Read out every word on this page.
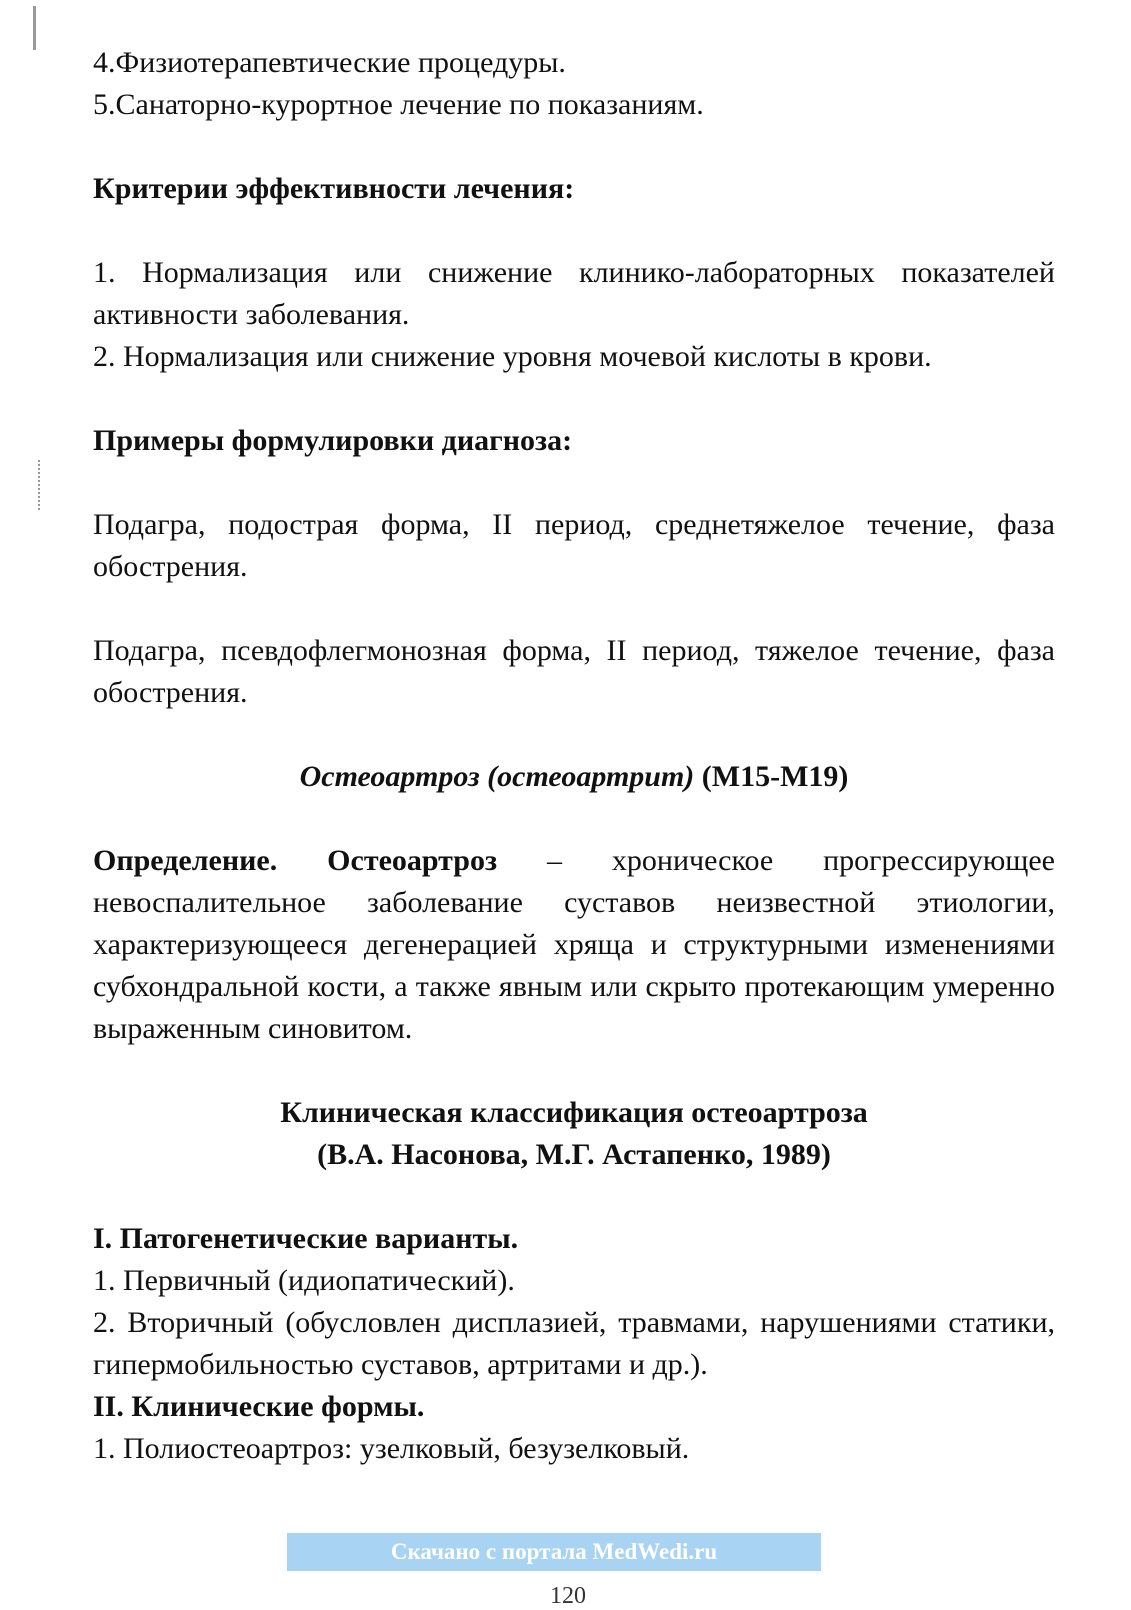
4.Физиотерапевтические процедуры.

5.Санаторно-курортное лечение по показаниям.

Критерии эффективности лечения:

1. Нормализация или снижение клинико-лабораторных показателей активности заболевания.

2. Нормализация или снижение уровня мочевой кислоты в крови.

Примеры формулировки диагноза:

Подагра, подострая форма, II период, среднетяжелое течение, фаза обострения.

Подагра, псевдофлегмонозная форма, II период, тяжелое течение, фаза обострения.

Остеоартроз (остеоартрит) (M15-M19)

Определение. Остеоартроз – хроническое прогрессирующее невоспалительное заболевание суставов неизвестной этиологии, характеризующееся дегенерацией хряща и структурными изменениями субхондральной кости, а также явным или скрыто протекающим умеренно выраженным синовитом.

Клиническая классификация остеоартроза

(В.А. Насонова, М.Г. Астапенко, 1989)

I. Патогенетические варианты.

1. Первичный (идиопатический).

2. Вторичный (обусловлен дисплазией, травмами, нарушениями статики, гипермобильностью суставов, артритами и др.).

II. Клинические формы.

1. Полиостеоартроз: узелковый, безузелковый.

Скачано с портала MedWedi.ru
120
